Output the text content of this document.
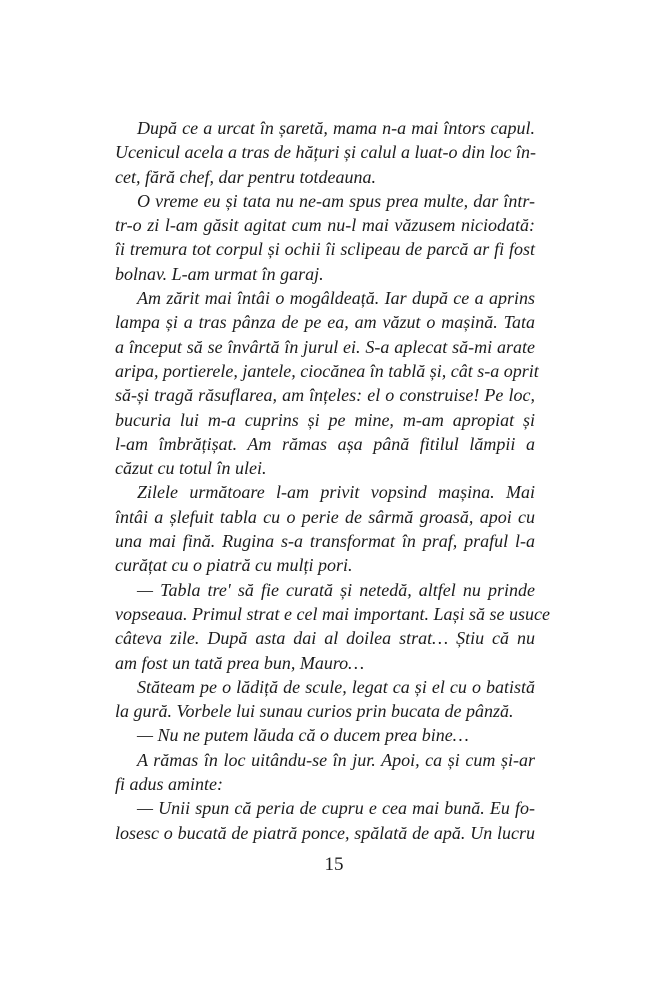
După ce a urcat în șaretă, mama n-a mai întors capul.
Ucenicul acela a tras de hățuri și calul a luat-o din loc în-
cet, fără chef, dar pentru totdeauna.
O vreme eu și tata nu ne-am spus prea multe, dar într-
tr-o zi l-am găsit agitat cum nu-l mai văzusem niciodată:
îi tremura tot corpul și ochii îi sclipeau de parcă ar fi fost
bolnav. L-am urmat în garaj.
Am zărit mai întâi o mogâldeață. Iar după ce a aprins
lampa și a tras pânza de pe ea, am văzut o mașină. Tata
a început să se învârtă în jurul ei. S-a aplecat să-mi arate
aripa, portierele, jantele, ciocănea în tablă și, cât s-a oprit
să-și tragă răsuflarea, am înțeles: el o construise! Pe loc,
bucuria lui m-a cuprins și pe mine, m-am apropiat și
l-am îmbrățișat. Am rămas așa până fitilul lămpii a
căzut cu totul în ulei.
Zilele următoare l-am privit vopsind mașina. Mai
întâi a șlefuit tabla cu o perie de sârmă groasă, apoi cu
una mai fină. Rugina s-a transformat în praf, praful l-a
curățat cu o piatră cu mulți pori.
— Tabla tre' să fie curată și netedă, altfel nu prinde
vopseaua. Primul strat e cel mai important. Lași să se usuce
câteva zile. După asta dai al doilea strat… Știu că nu
am fost un tată prea bun, Mauro…
Stăteam pe o lădiță de scule, legat ca și el cu o batistă
la gură. Vorbele lui sunau curios prin bucata de pânză.
— Nu ne putem lăuda că o ducem prea bine…
A rămas în loc uitându-se în jur. Apoi, ca și cum și-ar
fi adus aminte:
— Unii spun că peria de cupru e cea mai bună. Eu fo-
losesc o bucată de piatră ponce, spălată de apă. Un lucru
15
